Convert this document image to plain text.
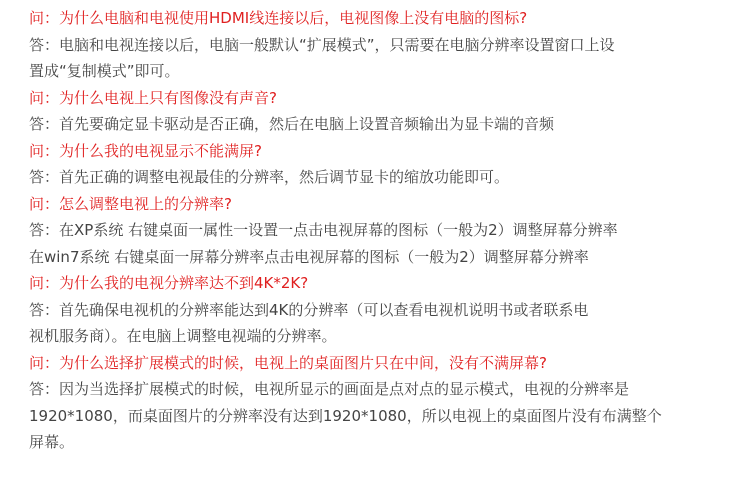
问：为什么电脑和电视使用HDMI线连接以后，电视图像上没有电脑的图标?
答：电脑和电视连接以后，电脑一般默认“扩展模式”，只需要在电脑分辨率设置窗口上设
置成“复制模式”即可。
问：为什么电视上只有图像没有声音?
答：首先要确定显卡驱动是否正确，然后在电脑上设置音频输出为显卡端的音频
问：为什么我的电视显示不能满屏?
答：首先正确的调整电视最佳的分辨率，然后调节显卡的缩放功能即可。
问：怎么调整电视上的分辨率?
答：在XP系统 右键桌面一属性一设置一点击电视屏幕的图标（一般为2）调整屏幕分辨率
在win7系统 右键桌面一屏幕分辨率点击电视屏幕的图标（一般为2）调整屏幕分辨率
问：为什么我的电视分辨率达不到4K*2K?
答：首先确保电视机的分辨率能达到4K的分辨率（可以查看电视机说明书或者联系电
视机服务商）。在电脑上调整电视端的分辨率。
问：为什么选择扩展模式的时候，电视上的桌面图片只在中间，没有不满屏幕?
答：因为当选择扩展模式的时候，电视所显示的画面是点对点的显示模式，电视的分辨率是
1920*1080，而桌面图片的分辨率没有达到1920*1080，所以电视上的桌面图片没有布满整个
屏幕。
